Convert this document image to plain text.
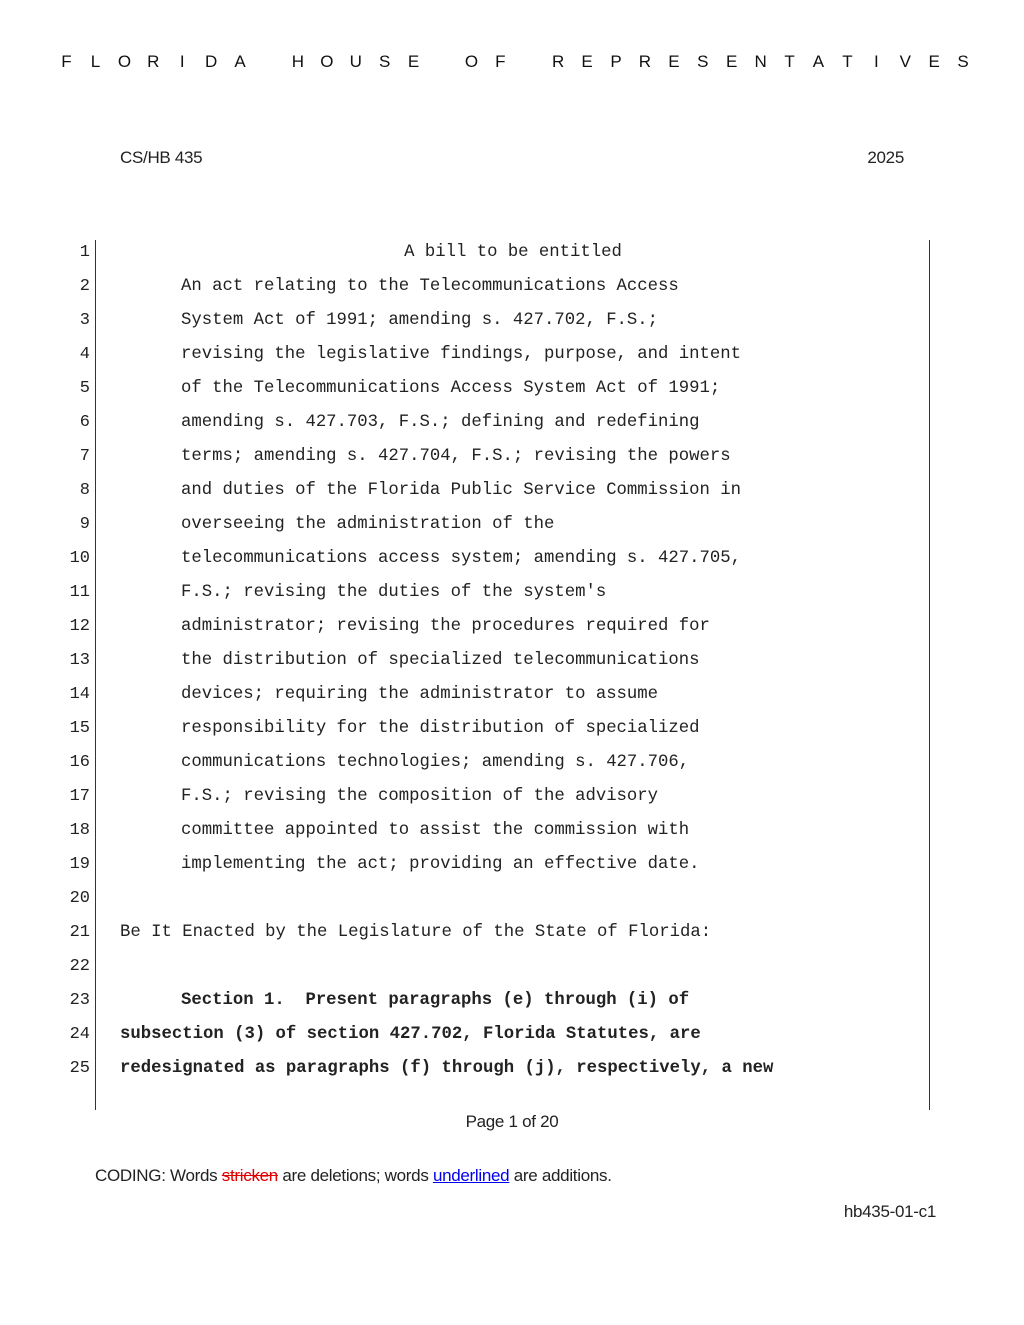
F L O R I D A
	H O U S E
	O F
	R E P R E S E N T A T I V E S
CS/HB 435	2025
1
2
3
4
5
6
7
8
9
10
11
12
13
14
15
16
17
18
19
20
21
22
23
24
25
A bill to be entitled
An act relating to the Telecommunications Access
System Act of 1991; amending s. 427.702, F.S.;
revising the legislative findings, purpose, and intent
of the Telecommunications Access System Act of 1991;
amending s. 427.703, F.S.; defining and redefining
terms; amending s. 427.704, F.S.; revising the powers
and duties of the Florida Public Service Commission in
overseeing the administration of the
telecommunications access system; amending s. 427.705,
F.S.; revising the duties of the system's
administrator; revising the procedures required for
the distribution of specialized telecommunications
devices; requiring the administrator to assume
responsibility for the distribution of specialized
communications technologies; amending s. 427.706,
F.S.; revising the composition of the advisory
committee appointed to assist the commission with
implementing the act; providing an effective date.
Be It Enacted by the Legislature of the State of Florida:
Section 1.  Present paragraphs (e) through (i) of
subsection (3) of section 427.702, Florida Statutes, are
redesignated as paragraphs (f) through (j), respectively, a new
Page 1 of 20
CODING: Words stricken are deletions; words underlined are additions.
hb435-01-c1
